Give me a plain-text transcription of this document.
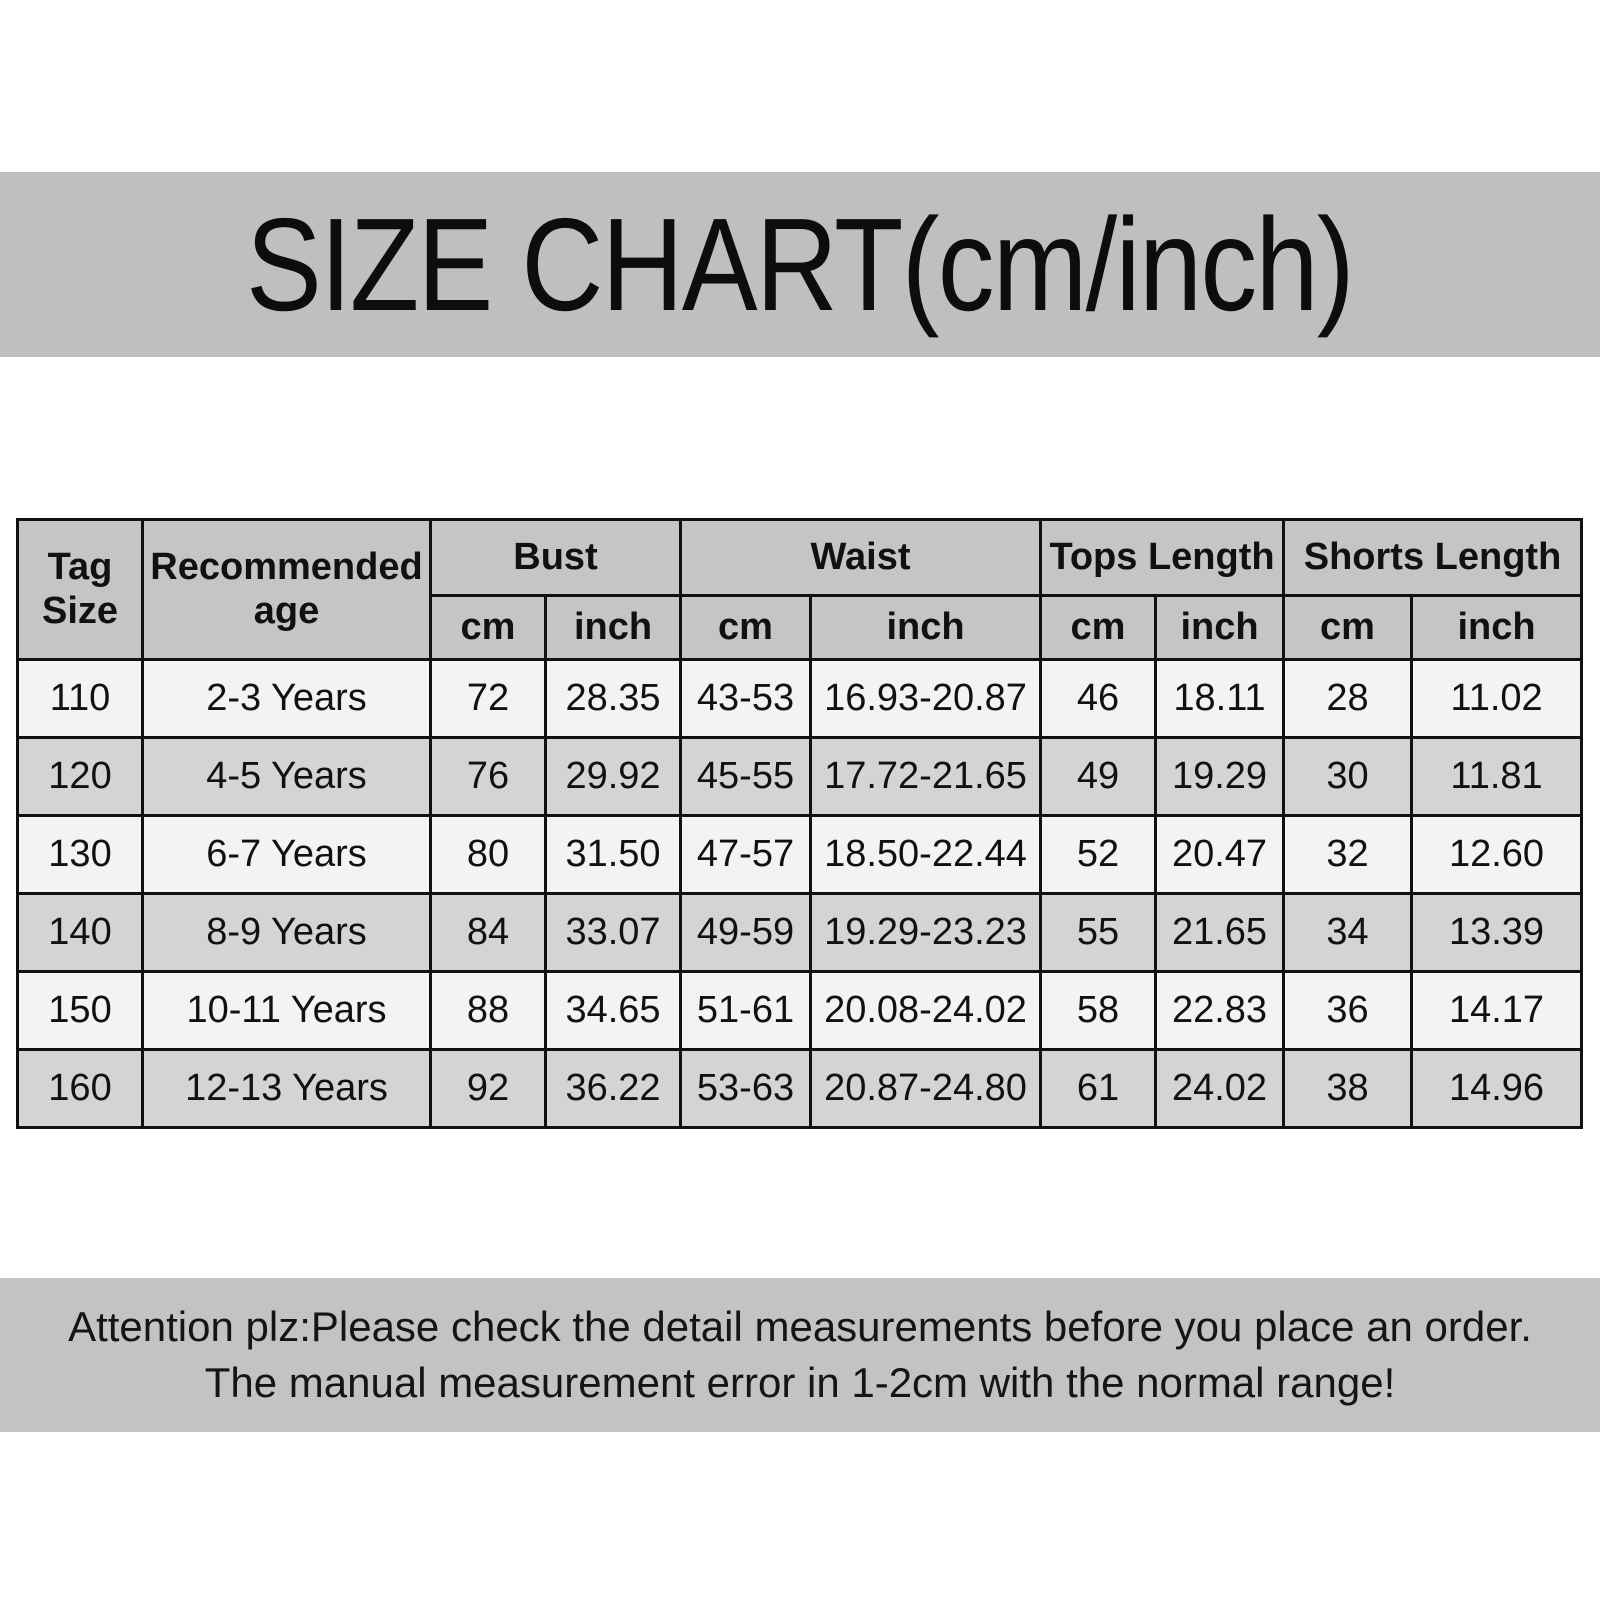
SIZE CHART(cm/inch)
Tag Size	Recommended age	Bust		Waist		Tops Length		Shorts Length	
		cm	inch	cm	inch	cm	inch	cm	inch
110	2-3 Years	72	28.35	43-53	16.93-20.87	46	18.11	28	11.02
120	4-5 Years	76	29.92	45-55	17.72-21.65	49	19.29	30	11.81
130	6-7 Years	80	31.50	47-57	18.50-22.44	52	20.47	32	12.60
140	8-9 Years	84	33.07	49-59	19.29-23.23	55	21.65	34	13.39
150	10-11 Years	88	34.65	51-61	20.08-24.02	58	22.83	36	14.17
160	12-13 Years	92	36.22	53-63	20.87-24.80	61	24.02	38	14.96
Attention plz:Please check the detail measurements before you place an order.
The manual measurement error in 1-2cm with the normal range!
